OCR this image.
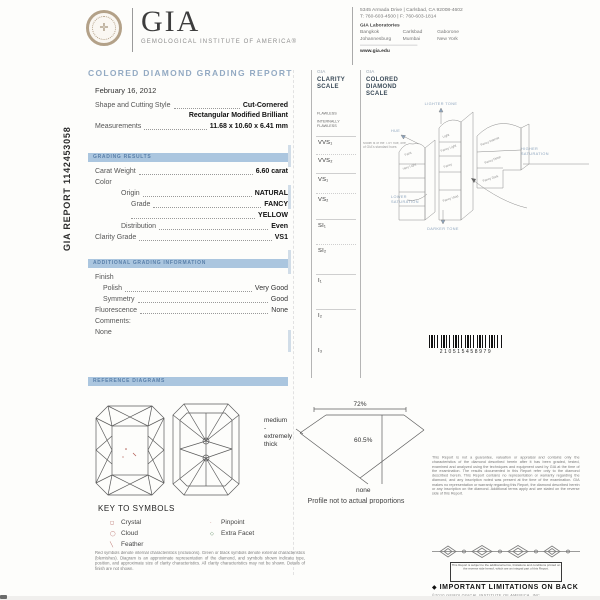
✛
GIA
GEMOLOGICAL INSTITUTE OF AMERICA®
5345 Armada Drive | Carlsbad, CA 92008-4602
T: 760-603-4500 | F: 760-603-1814
GIA Laboratories
Bangkok	Carlsbad	Gaborone
Johannesburg	Mumbai	New York
www.gia.edu
GIA REPORT 1142453058
COLORED DIAMOND GRADING REPORT
February 16, 2012
Shape and Cutting Style	Cut-Cornered
Rectangular Modified Brilliant
Measurements	11.68 x 10.60 x 6.41 mm
GRADING RESULTS
Carat Weight	6.60 carat
Color
Origin	NATURAL
Grade	FANCY
YELLOW
Distribution	Even
Clarity Grade	VS1
ADDITIONAL GRADING INFORMATION
Finish
Polish	Very Good
Symmetry	Good
Fluorescence	None
Comments:
None
REFERENCE DIAGRAMS
GIA
CLARITY
SCALE
FLAWLESS
INTERNALLY
FLAWLESS
VVS₁
VVS₂
VS₁
VS₂
SI₁
SI₂
I₁
I₂
I₃
GIA
COLORED
DIAMOND
SCALE
Model is of the 7.5Y hue, one of GIA's standard hues
LIGHTER TONE
HUE
HIGHER
SATURATION
LOWER
SATURATION
DARKER TONE
Faint
Very Light
Light
Fancy Light
Fancy
Fancy Intense
Fancy Vivid
Fancy Deep
Fancy Dark
210515458979
72%
medium
-
extremely
thick
60.5%
none
Profile not to actual proportions
KEY TO SYMBOLS
◻	Crystal
◯ Cloud
╲	Feather
·	Pinpoint
◇	Extra Facet
Red symbols denote internal characteristics (inclusions). Green or black symbols denote external characteristics (blemishes). Diagram is an approximate representation of the diamond, and symbols shown indicate type, position, and approximate size of clarity characteristics. All clarity characteristics may not be shown. Details of finish are not shown.
This Report is not a guarantee, valuation or appraisal and contains only the characteristics of the diamond described herein after it has been graded, tested, examined and analyzed using the techniques and equipment used by GIA at the time of the examination. The results documented in this Report refer only to the diamond described herein. This Report contains no representation or warranty regarding the diamond, and any inscription noted was present at the time of the examination. GIA makes no representation or warranty regarding this Report, the diamond described herein or any inscription on the diamond. Additional terms apply and are stated on the reverse side of this Report.
This Report is subject to the additional terms, limitations and conditions printed on the reverse side hereof, which are an integral part of this Report.
◆ IMPORTANT LIMITATIONS ON BACK
